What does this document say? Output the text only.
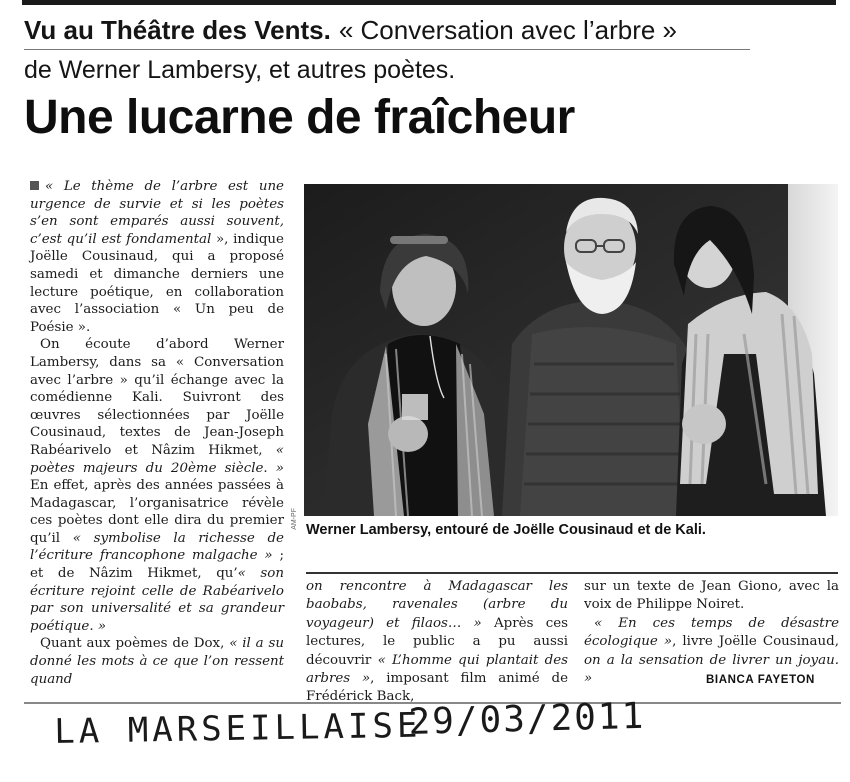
Vu au Théâtre des Vents. « Conversation avec l’arbre »
de Werner Lambersy, et autres poètes.
Une lucarne de fraîcheur

« Le thème de l’arbre est une urgence de survie et si les poètes s’en sont emparés aussi souvent, c’est qu’il est fondamental », indique Joëlle Cousinaud, qui a proposé samedi et dimanche derniers une lecture poétique, en collaboration avec l’association « Un peu de Poésie ».

On écoute d’abord Werner Lambersy, dans sa « Conversation avec l’arbre » qu’il échange avec la comédienne Kali. Suivront des œuvres sélectionnées par Joëlle Cousinaud, textes de Jean-Joseph Rabéarivelo et Nâzim Hikmet, « poètes majeurs du 20ème siècle. » En effet, après des années passées à Madagascar, l’organisatrice révèle ces poètes dont elle dira du premier qu’il « symbolise la richesse de l’écriture francophone malgache » ; et de Nâzim Hikmet, qu’« son écriture rejoint celle de Rabéarivelo par son universalité et sa grandeur poétique. »

Quant aux poèmes de Dox, « il a su donné les mots à ce que l’on ressent quand

AM-PF
Werner Lambersy, entouré de Joëlle Cousinaud et de Kali.

on rencontre à Madagascar les baobabs, ravenales (arbre du voyageur) et filaos… » Après ces lectures, le public a pu aussi découvrir « L’homme qui plantait des arbres », imposant film animé de Frédérick Back,

sur un texte de Jean Giono, avec la voix de Philippe Noiret.

« En ces temps de désastre écologique », livre Joëlle Cousinaud, on a la sensation de livrer un joyau. »	BIANCA FAYETON
LA MARSEILLAISE
29/03/2011
